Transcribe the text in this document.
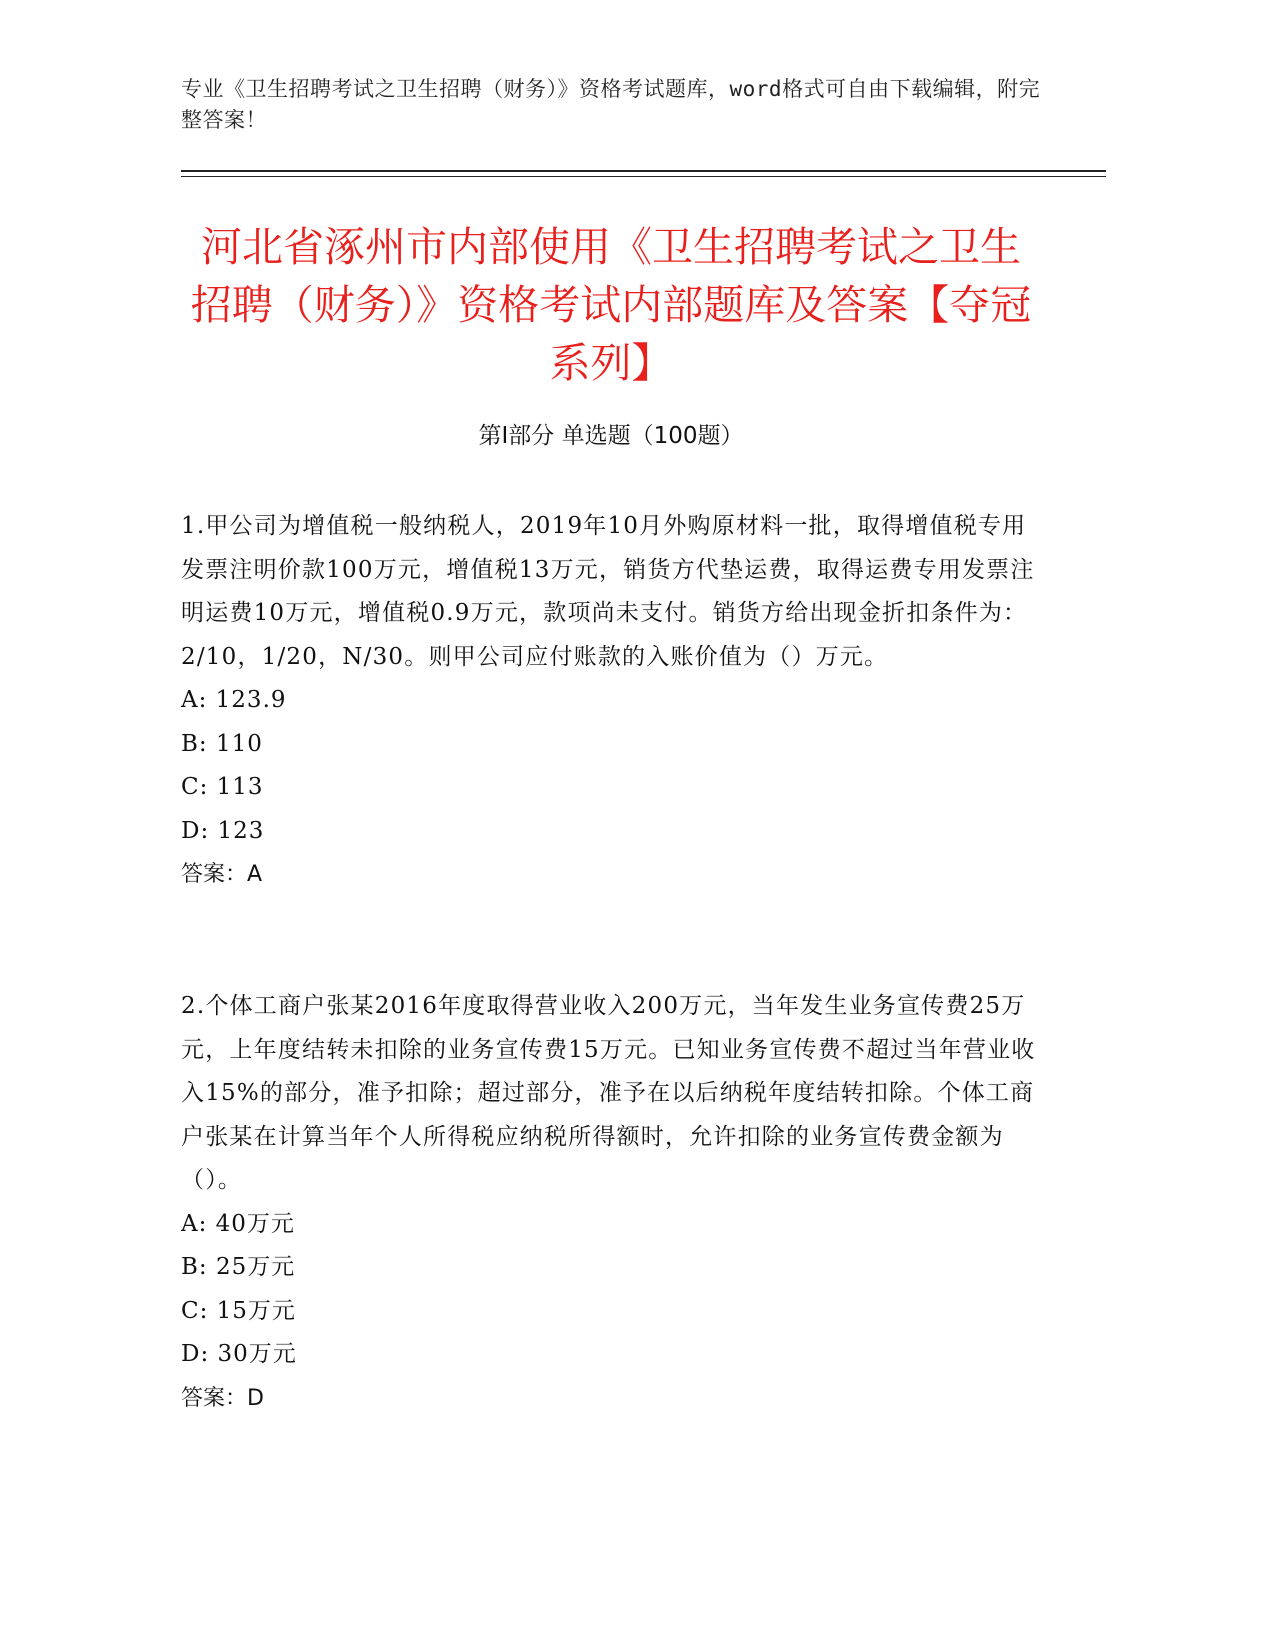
专业《卫生招聘考试之卫生招聘（财务）》资格考试题库，word格式可自由下载编辑，附完整答案！
河北省涿州市内部使用《卫生招聘考试之卫生招聘（财务）》资格考试内部题库及答案【夺冠系列】
第I部分 单选题（100题）

1.甲公司为增值税一般纳税人，2019年10月外购原材料一批，取得增值税专用发票注明价款100万元，增值税13万元，销货方代垫运费，取得运费专用发票注明运费10万元，增值税0.9万元，款项尚未支付。销货方给出现金折扣条件为：2/10，1/20，N/30。则甲公司应付账款的入账价值为（）万元。

A: 123.9

B: 110

C: 113

D: 123

答案：A

2.个体工商户张某2016年度取得营业收入200万元，当年发生业务宣传费25万元，上年度结转未扣除的业务宣传费15万元。已知业务宣传费不超过当年营业收入15%的部分，准予扣除；超过部分，准予在以后纳税年度结转扣除。个体工商户张某在计算当年个人所得税应纳税所得额时，允许扣除的业务宣传费金额为（）。

A: 40万元

B: 25万元

C: 15万元

D: 30万元

答案：D
